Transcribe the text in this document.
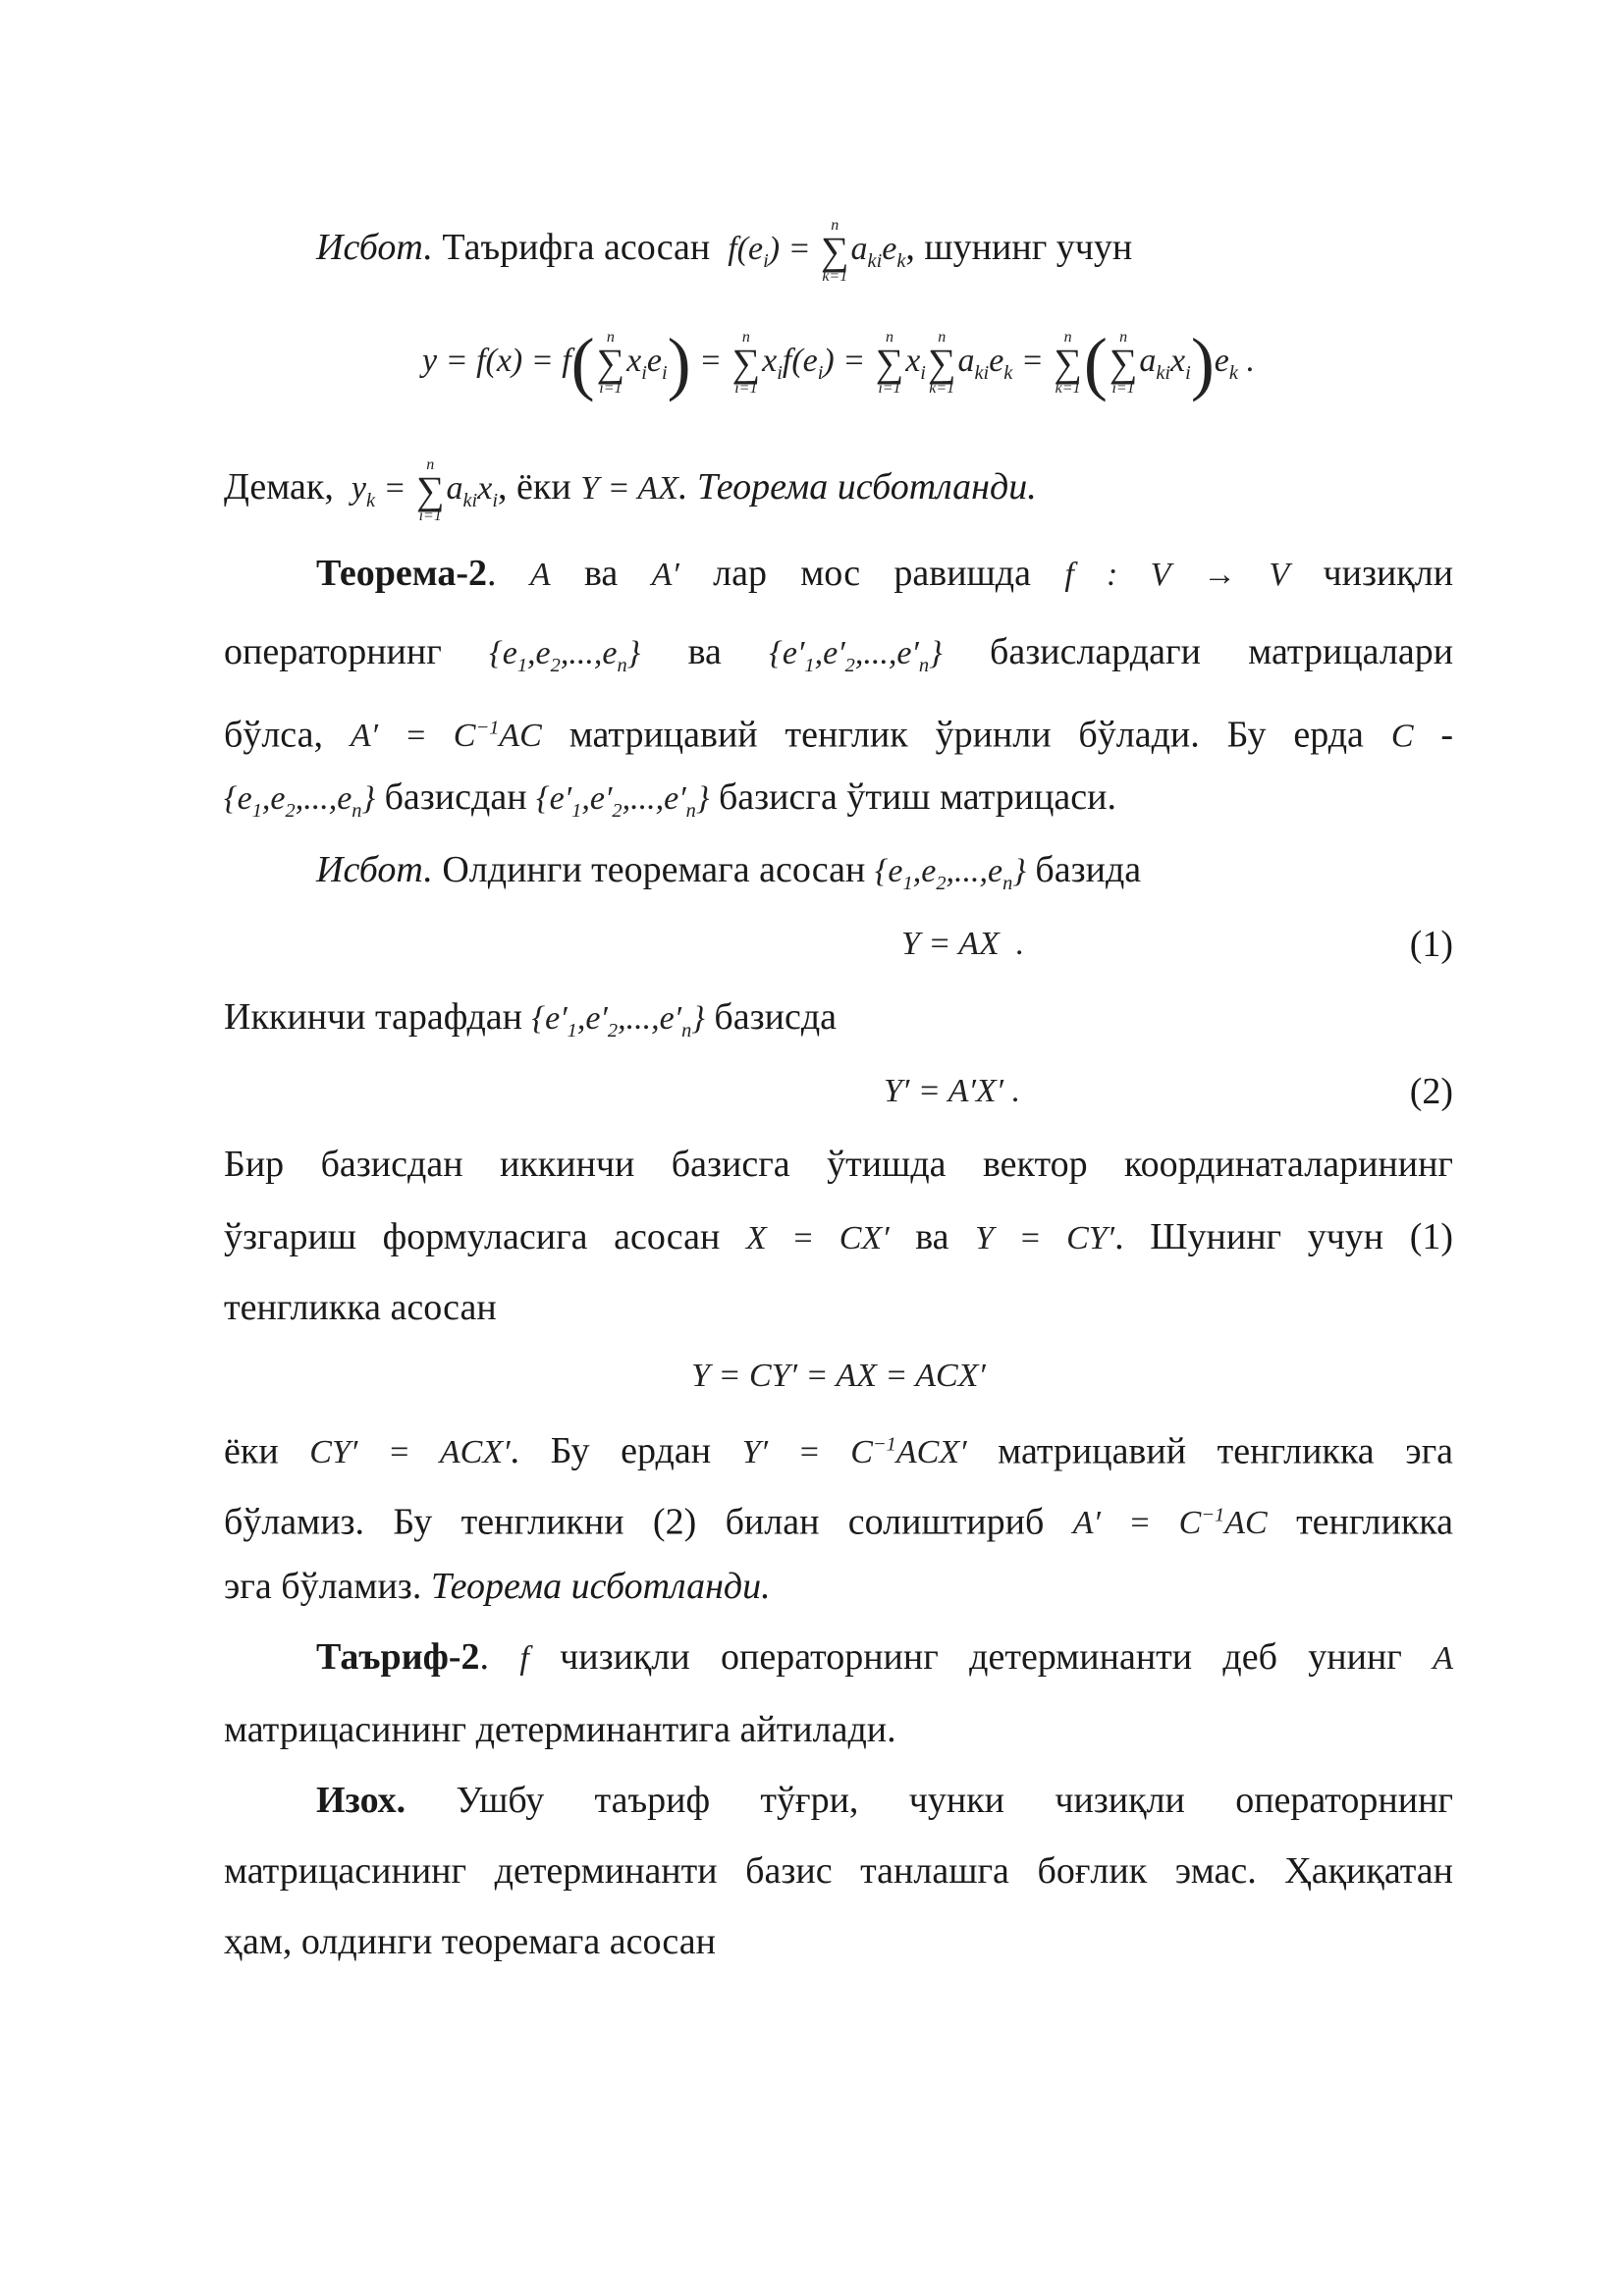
Исбот. Таърифга асосан  $f(e_i)$ =
n
∑
k=1
$a_{ki}e_k$, шунинг учун
y = f(x) = f( n
∑
i=1
$x_ie_i$) =
n
∑
i=1
$x_if(e_i)$ =
n
∑
i=1
$x_i$
n
∑
k=1
$a_{ki}e_k$ =
n
∑
k=1 ( n
∑
i=1
$a_{ki}x_i)e_k$ .
Демак,  $y_k$ =
n
∑
i=1
$a_{ki}x_i$, ёки Y = AX. Теорема исботланди.
Теорема-2. A ва A′ лар мос равишда f : V → V чизиқли
операторнинг $\{e_1,e_2,...,e_n\}$ ва $\{e'_1,e'_2,...,e'_n\}$ базислардаги матрицалари
бўлса, $A' = C^{-1}AC$ матрицавий тенглик ўринли бўлади. Бу ерда C -
$\{e_1,e_2,...,e_n\}$ базисдан $\{e'_1,e'_2,...,e'_n\}$ базисга ўтиш матрицаси.
Исбот. Олдинги теоремага асосан $\{e_1,e_2,...,e_n\}$ базида
Y = AX  .	(1)
Иккинчи тарафдан $\{e'_1,e'_2,...,e'_n\}$ базисда
Y′ = A′X′ .	(2)
Бир базисдан иккинчи базисга ўтишда вектор координаталарининг
ўзгариш формуласига асосан X = CX′ ва Y = CY′. Шунинг учун (1)
тенгликка асосан
Y = CY′ = AX = ACX′
ёки CY′ = ACX′. Бу ердан $Y' = C^{-1}ACX'$ матрицавий тенгликка эга
бўламиз. Бу тенгликни (2) билан солиштириб $A' = C^{-1}AC$ тенгликка
эга бўламиз. Теорема исботланди.
Таъриф-2. f чизиқли операторнинг детерминанти деб унинг A
матрицасининг детерминантига айтилади.
Изох. Ушбу таъриф тўғри, чунки чизиқли операторнинг
матрицасининг детерминанти базис танлашга боғлик эмас. Ҳақиқатан
ҳам, олдинги теоремага асосан
